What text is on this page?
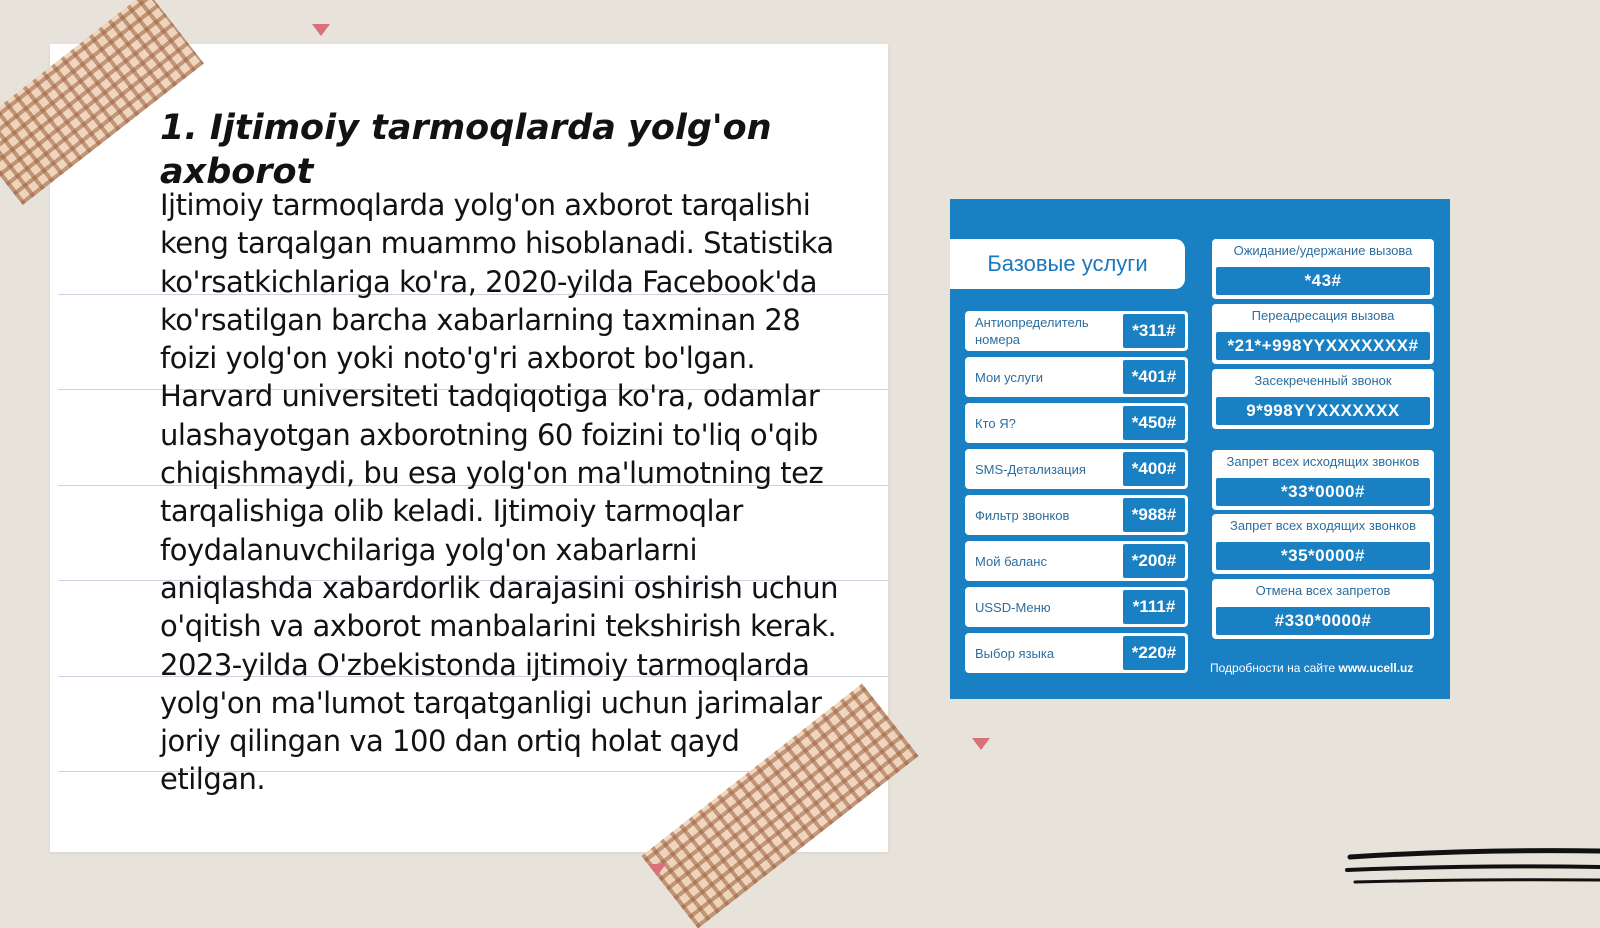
1. Ijtimoiy tarmoqlarda yolg'on axborot

Ijtimoiy tarmoqlarda yolg'on axborot tarqalishi keng tarqalgan muammo hisoblanadi. Statistika ko'rsatkichlariga ko'ra, 2020-yilda Facebook'da ko'rsatilgan barcha xabarlarning taxminan 28 foizi yolg'on yoki noto'g'ri axborot bo'lgan. Harvard universiteti tadqiqotiga ko'ra, odamlar ulashayotgan axborotning 60 foizini to'liq o'qib chiqishmaydi, bu esa yolg'on ma'lumotning tez tarqalishiga olib keladi. Ijtimoiy tarmoqlar foydalanuvchilariga yolg'on xabarlarni aniqlashda xabardorlik darajasini oshirish uchun o'qitish va axborot manbalarini tekshirish kerak. 2023-yilda O'zbekistonda ijtimoiy tarmoqlarda yolg'on ma'lumot tarqatganligi uchun jarimalar joriy qilingan va 100 dan ortiq holat qayd etilgan.

Базовые услуги
Антиопределитель номера	*311#
Мои услуги	*401#
Кто Я?	*450#
SMS-Детализация	*400#
Фильтр звонков	*988#
Мой баланс	*200#
USSD-Меню	*111#
Выбор языка	*220#
Ожидание/удержание вызова
*43#
Переадресация вызова
*21*+998YYXXXXXXX#
Засекреченный звонок
9*998YYXXXXXXX
Запрет всех исходящих звонков
*33*0000#
Запрет всех входящих звонков
*35*0000#
Отмена всех запретов
#330*0000#
Подробности на сайте www.ucell.uz
